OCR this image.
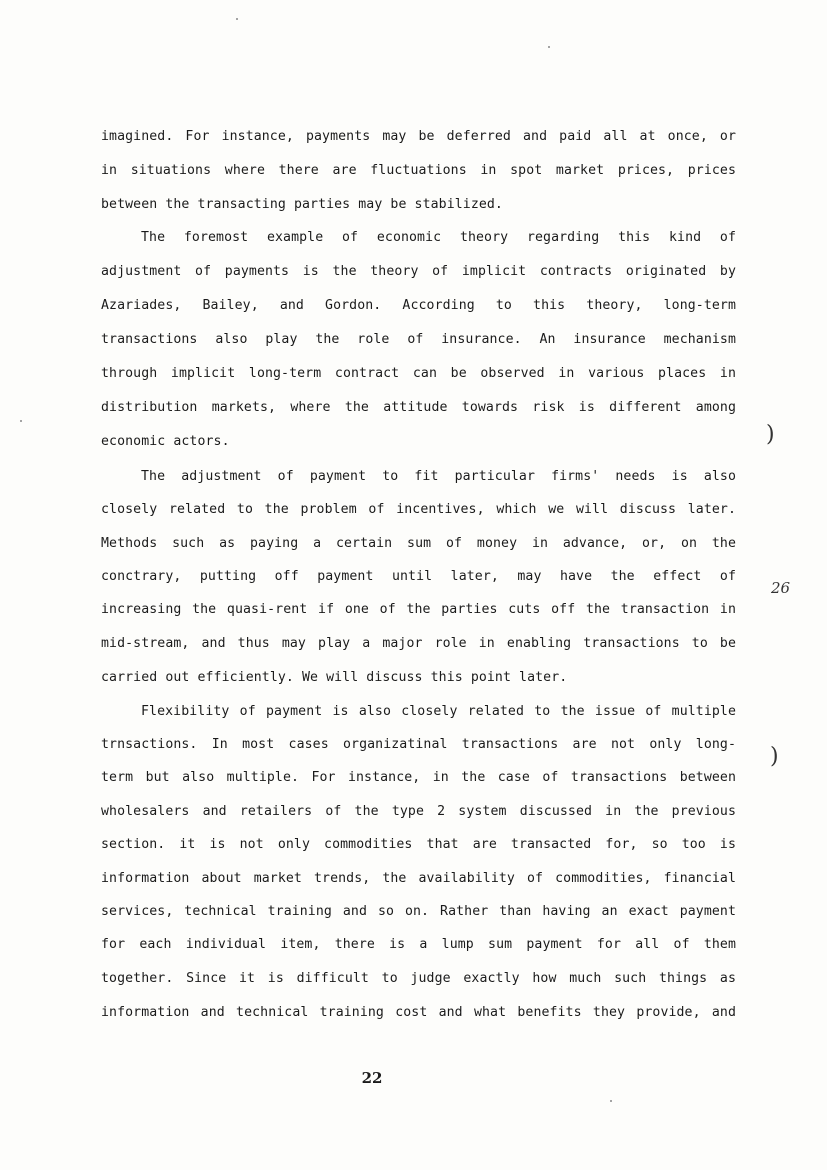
imagined. For instance, payments may be deferred and paid all at once, or

in situations where there are fluctuations in spot market prices, prices

between the transacting parties may be stabilized.

The foremost example of economic theory regarding this kind of

adjustment of payments is the theory of implicit contracts originated by

Azariades, Bailey, and Gordon. According to this theory, long-term

transactions also play the role of insurance. An insurance mechanism

through implicit long-term contract can be observed in various places in

distribution markets, where the attitude towards risk is different among

economic actors.

The adjustment of payment to fit particular firms' needs is also

closely related to the problem of incentives, which we will discuss later.

Methods such as paying a certain sum of money in advance, or, on the

conctrary, putting off payment until later, may have the effect of

increasing the quasi-rent if one of the parties cuts off the transaction in

mid-stream, and thus may play a major role in enabling transactions to be

carried out efficiently. We will discuss this point later.

Flexibility of payment is also closely related to the issue of multiple

trnsactions. In most cases organizatinal transactions are not only long-

term but also multiple. For instance, in the case of transactions between

wholesalers and retailers of the type 2 system discussed in the previous

section. it is not only commodities that are transacted for, so too is

information about market trends, the availability of commodities, financial

services, technical training and so on. Rather than having an exact payment

for each individual item, there is a lump sum payment for all of them

together. Since it is difficult to judge exactly how much such things as

information and technical training cost and what benefits they provide, and

22

26

)

)
